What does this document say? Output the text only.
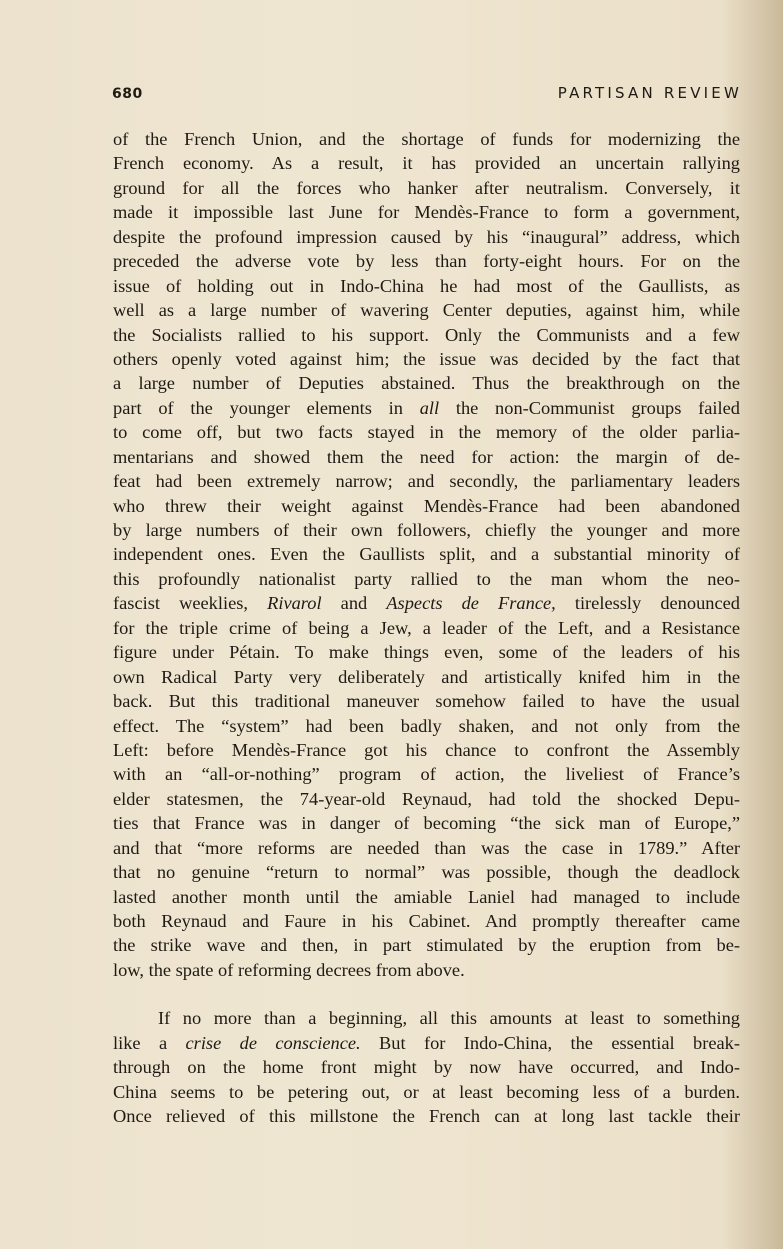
680	PARTISAN REVIEW
of the French Union, and the shortage of funds for modernizing the
French economy. As a result, it has provided an uncertain rallying
ground for all the forces who hanker after neutralism. Conversely, it
made it impossible last June for Mendès-France to form a government,
despite the profound impression caused by his “inaugural” address, which
preceded the adverse vote by less than forty-eight hours. For on the
issue of holding out in Indo-China he had most of the Gaullists, as
well as a large number of wavering Center deputies, against him, while
the Socialists rallied to his support. Only the Communists and a few
others openly voted against him; the issue was decided by the fact that
a large number of Deputies abstained. Thus the breakthrough on the
part of the younger elements in all the non-Communist groups failed
to come off, but two facts stayed in the memory of the older parlia-
mentarians and showed them the need for action: the margin of de-
feat had been extremely narrow; and secondly, the parliamentary leaders
who threw their weight against Mendès-France had been abandoned
by large numbers of their own followers, chiefly the younger and more
independent ones. Even the Gaullists split, and a substantial minority of
this profoundly nationalist party rallied to the man whom the neo-
fascist weeklies, Rivarol and Aspects de France, tirelessly denounced
for the triple crime of being a Jew, a leader of the Left, and a Resistance
figure under Pétain. To make things even, some of the leaders of his
own Radical Party very deliberately and artistically knifed him in the
back. But this traditional maneuver somehow failed to have the usual
effect. The “system” had been badly shaken, and not only from the
Left: before Mendès-France got his chance to confront the Assembly
with an “all-or-nothing” program of action, the liveliest of France’s
elder statesmen, the 74-year-old Reynaud, had told the shocked Depu-
ties that France was in danger of becoming “the sick man of Europe,”
and that “more reforms are needed than was the case in 1789.” After
that no genuine “return to normal” was possible, though the deadlock
lasted another month until the amiable Laniel had managed to include
both Reynaud and Faure in his Cabinet. And promptly thereafter came
the strike wave and then, in part stimulated by the eruption from be-
low, the spate of reforming decrees from above.
If no more than a beginning, all this amounts at least to something
like a crise de conscience. But for Indo-China, the essential break-
through on the home front might by now have occurred, and Indo-
China seems to be petering out, or at least becoming less of a burden.
Once relieved of this millstone the French can at long last tackle their
